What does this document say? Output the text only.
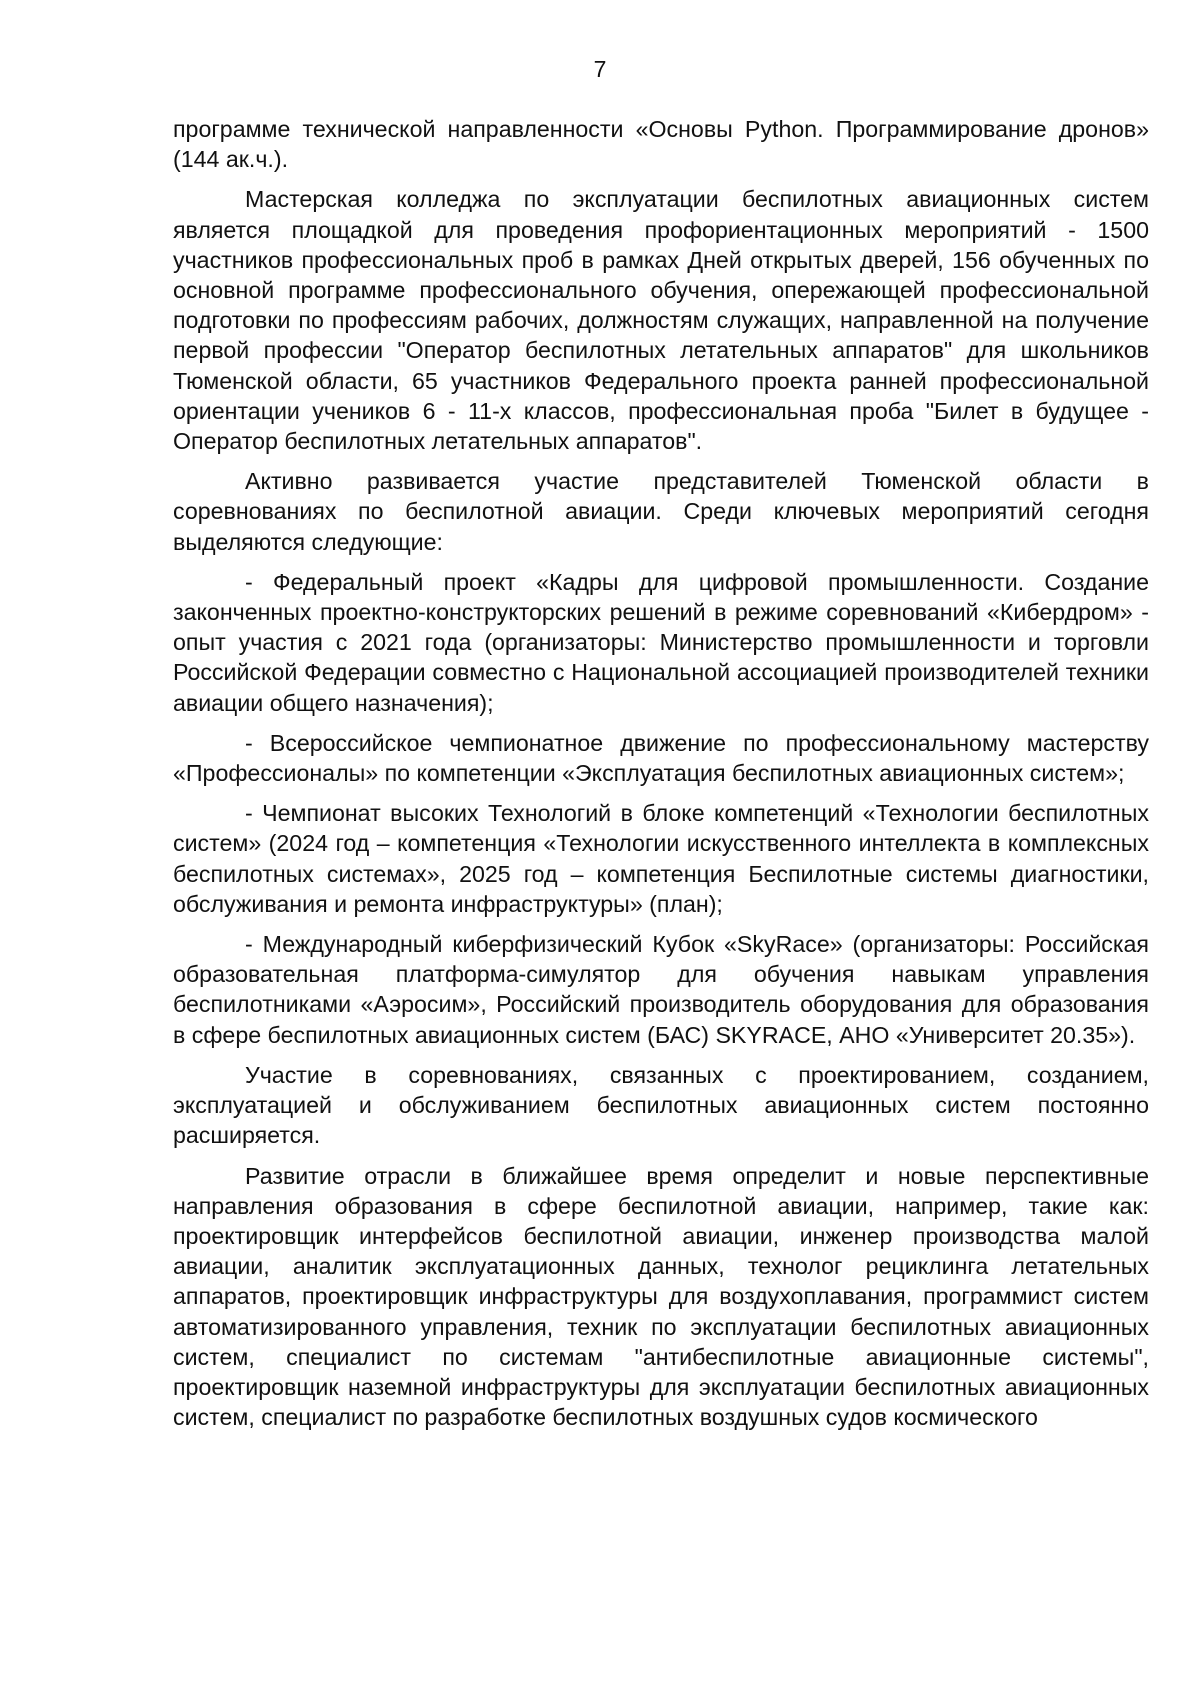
7

программе технической направленности «Основы Python. Программирование дронов» (144 ак.ч.).

Мастерская колледжа по эксплуатации беспилотных авиационных систем является площадкой для проведения профориентационных мероприятий - 1500 участников профессиональных проб в рамках Дней открытых дверей, 156 обученных по основной программе профессионального обучения, опережающей профессиональной подготовки по профессиям рабочих, должностям служащих, направленной на получение первой профессии "Оператор беспилотных летательных аппаратов" для школьников Тюменской области, 65 участников Федерального проекта ранней профессиональной ориентации учеников 6 - 11-х классов, профессиональная проба "Билет в будущее - Оператор беспилотных летательных аппаратов".

Активно развивается участие представителей Тюменской области в соревнованиях по беспилотной авиации. Среди ключевых мероприятий сегодня выделяются следующие:

- Федеральный проект «Кадры для цифровой промышленности. Создание законченных проектно-конструкторских решений в режиме соревнований «Кибердром» - опыт участия с 2021 года (организаторы: Министерство промышленности и торговли Российской Федерации совместно с Национальной ассоциацией производителей техники авиации общего назначения);

- Всероссийское чемпионатное движение по профессиональному мастерству «Профессионалы» по компетенции «Эксплуатация беспилотных авиационных систем»;

- Чемпионат высоких Технологий в блоке компетенций «Технологии беспилотных систем» (2024 год – компетенция «Технологии искусственного интеллекта в комплексных беспилотных системах», 2025 год – компетенция Беспилотные системы диагностики, обслуживания и ремонта инфраструктуры» (план);

- Международный киберфизический Кубок «SkyRace» (организаторы: Российская образовательная платформа-симулятор для обучения навыкам управления беспилотниками «Аэросим», Российский производитель оборудования для образования в сфере беспилотных авиационных систем (БАС) SKYRACE, АНО «Университет 20.35»).

Участие в соревнованиях, связанных с проектированием, созданием, эксплуатацией и обслуживанием беспилотных авиационных систем постоянно расширяется.

Развитие отрасли в ближайшее время определит и новые перспективные направления образования в сфере беспилотной авиации, например, такие как: проектировщик интерфейсов беспилотной авиации, инженер производства малой авиации, аналитик эксплуатационных данных, технолог рециклинга летательных аппаратов, проектировщик инфраструктуры для воздухоплавания, программист систем автоматизированного управления, техник по эксплуатации беспилотных авиационных систем, специалист по системам "антибеспилотные авиационные системы", проектировщик наземной инфраструктуры для эксплуатации беспилотных авиационных систем, специалист по разработке беспилотных воздушных судов космического
